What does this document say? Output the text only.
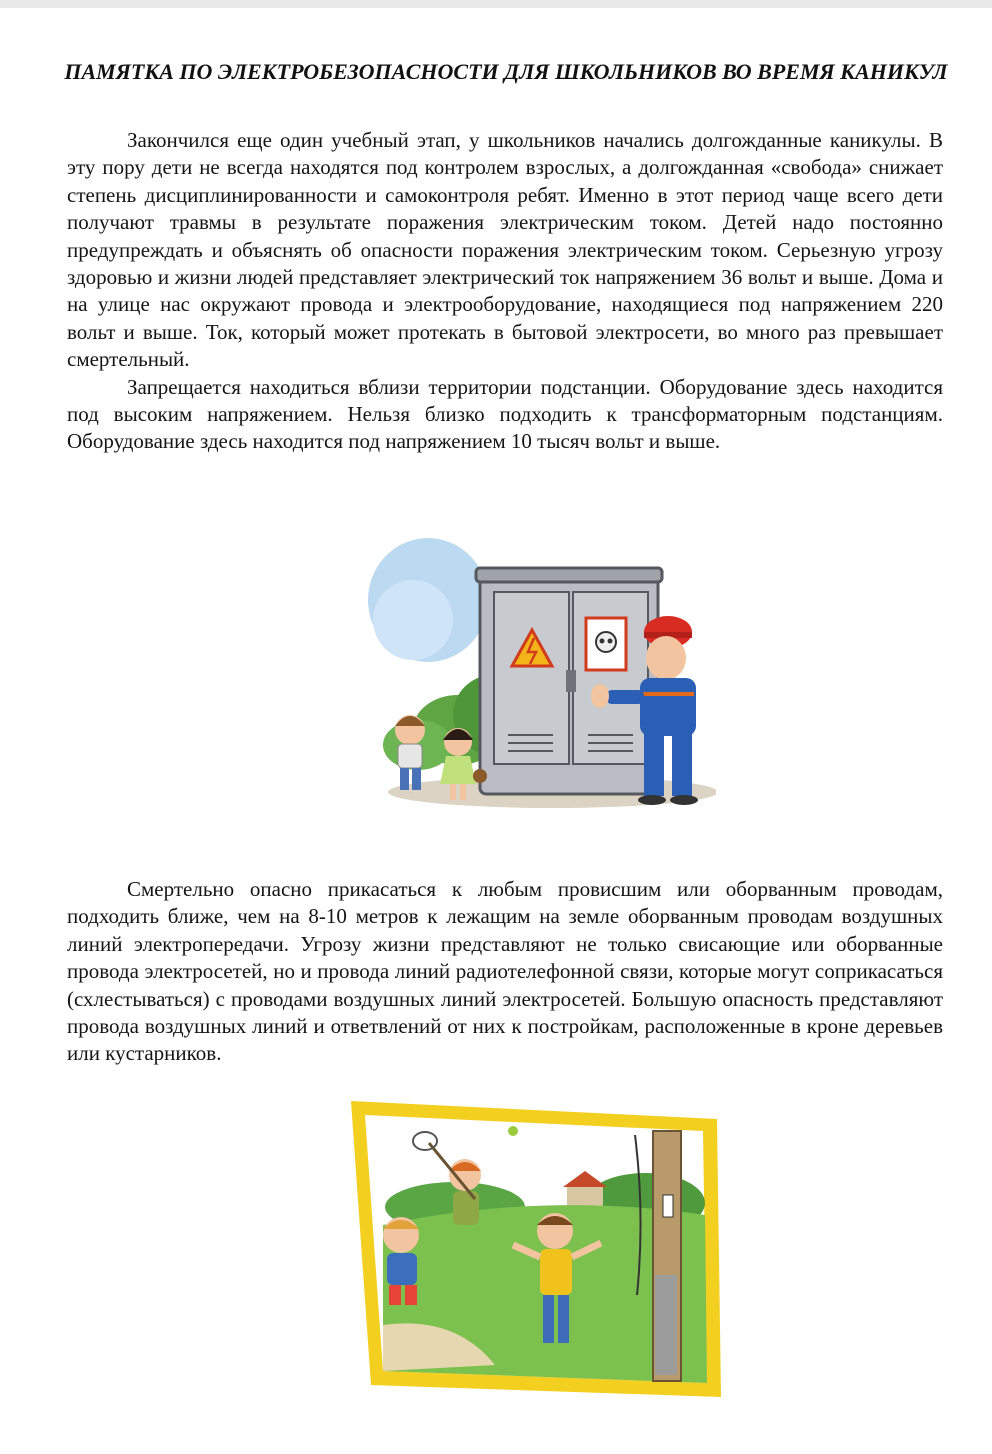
ПАМЯТКА ПО ЭЛЕКТРОБЕЗОПАСНОСТИ ДЛЯ ШКОЛЬНИКОВ ВО ВРЕМЯ КАНИКУЛ

Закончился еще один учебный этап, у школьников начались долгожданные каникулы. В эту пору дети не всегда находятся под контролем взрослых, а долгожданная «свобода» снижает степень дисциплинированности и самоконтроля ребят. Именно в этот период чаще всего дети получают травмы в результате поражения электрическим током. Детей надо постоянно предупреждать и объяснять об опасности поражения электрическим током. Серьезную угрозу здоровью и жизни людей представляет электрический ток напряжением 36 вольт и выше. Дома и на улице нас окружают провода и электрооборудование, находящиеся под напряжением 220 вольт и выше. Ток, который может протекать в бытовой электросети, во много раз превышает смертельный.

Запрещается находиться вблизи территории подстанции. Оборудование здесь находится под высоким напряжением. Нельзя близко подходить к трансформаторным подстанциям. Оборудование здесь находится под напряжением 10 тысяч вольт и выше.

Смертельно опасно прикасаться к любым провисшим или оборванным проводам, подходить ближе, чем на 8-10 метров к лежащим на земле оборванным проводам воздушных линий электропередачи. Угрозу жизни представляют не только свисающие или оборванные провода электросетей, но и провода линий радиотелефонной связи, которые могут соприкасаться (схлестываться) с проводами воздушных линий электросетей. Большую опасность представляют провода воздушных линий и ответвлений от них к постройкам, расположенные в кроне деревьев или кустарников.
